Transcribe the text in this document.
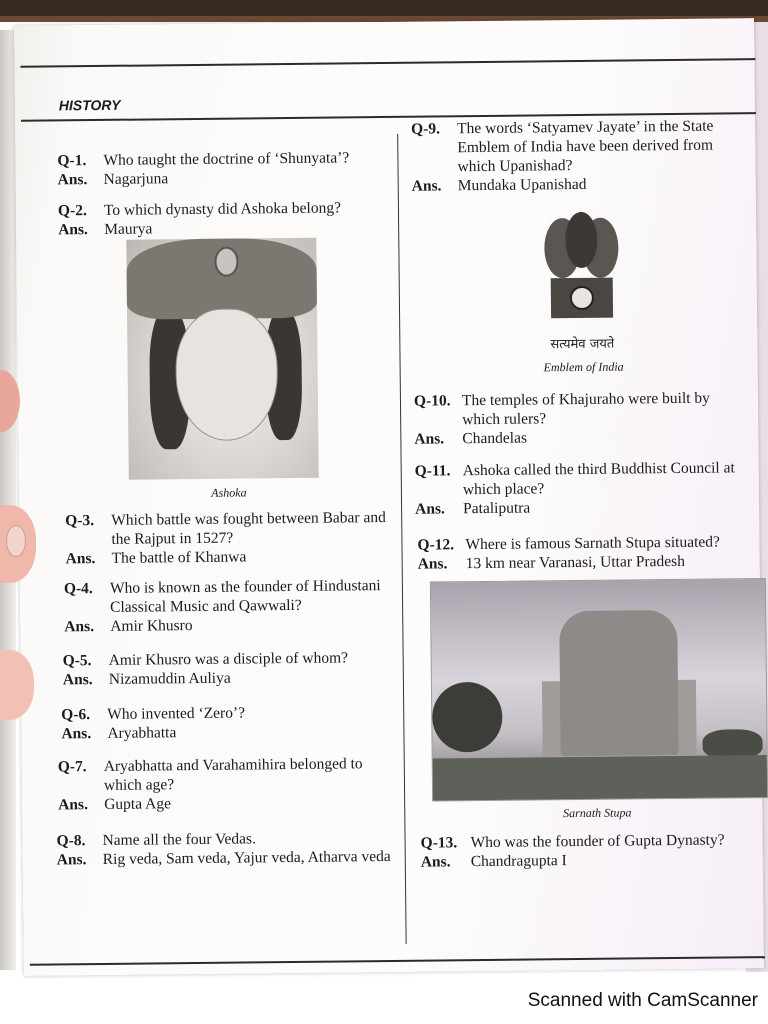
HISTORY
Q-1.	Who taught the doctrine of ‘Shunyata’?
Ans.	Nagarjuna
Q-2.	To which dynasty did Ashoka belong?
Ans.	Maurya
Ashoka
Q-3.	Which battle was fought between Babar and the Rajput in 1527?
Ans.	The battle of Khanwa
Q-4.	Who is known as the founder of Hindustani Classical Music and Qawwali?
Ans.	Amir Khusro
Q-5.	Amir Khusro was a disciple of whom?
Ans.	Nizamuddin Auliya
Q-6.	Who invented ‘Zero’?
Ans.	Aryabhatta
Q-7.	Aryabhatta and Varahamihira belonged to which age?
Ans.	Gupta Age
Q-8.	Name all the four Vedas.
Ans.	Rig veda, Sam veda, Yajur veda, Atharva veda
Q-9.	The words ‘Satyamev Jayate’ in the State Emblem of India have been derived from which Upanishad?
Ans.	Mundaka Upanishad
सत्यमेव जयते
Emblem of India
Q-10. The temples of Khajuraho were built by which rulers?
Ans.	Chandelas
Q-11. Ashoka called the third Buddhist Council at which place?
Ans.	Pataliputra
Q-12. Where is famous Sarnath Stupa situated?
Ans.	13 km near Varanasi, Uttar Pradesh
Sarnath Stupa
Q-13. Who was the founder of Gupta Dynasty?
Ans.	Chandragupta I
Scanned with CamScanner
